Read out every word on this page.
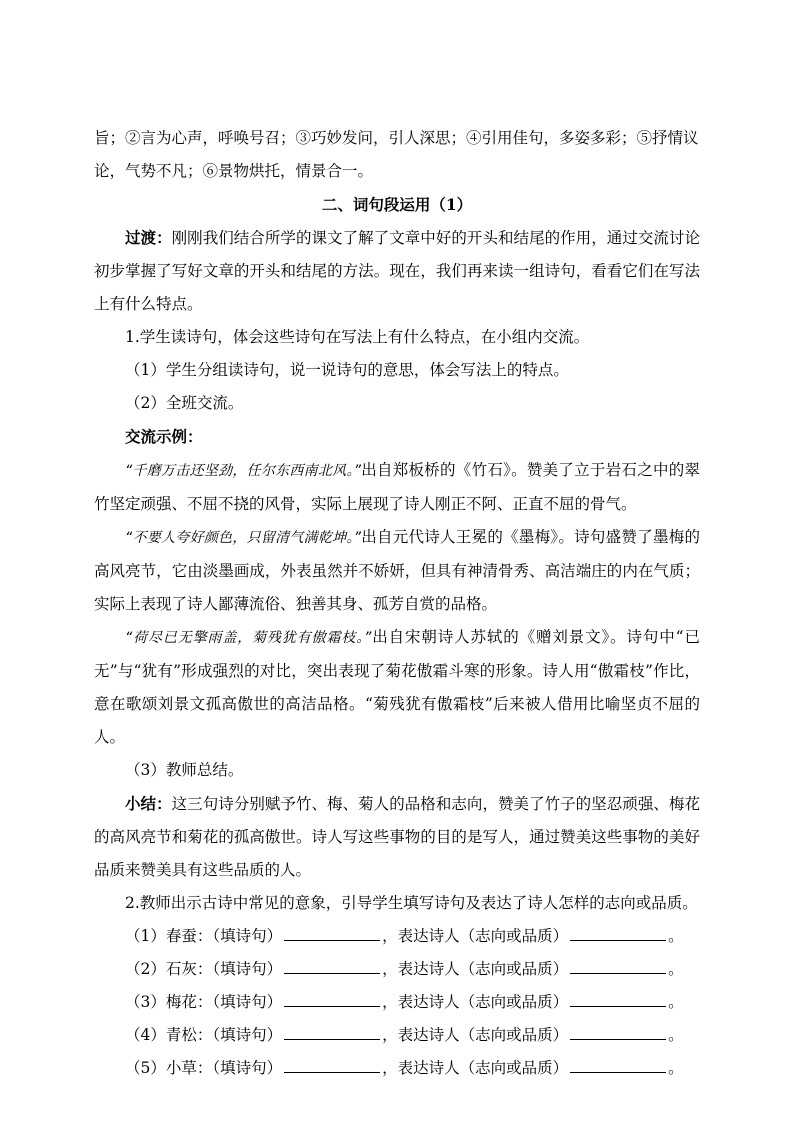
旨；②言为心声，呼唤号召；③巧妙发问，引人深思；④引用佳句，多姿多彩；⑤抒情议

论，气势不凡；⑥景物烘托，情景合一。

二、词句段运用（1）

过渡：刚刚我们结合所学的课文了解了文章中好的开头和结尾的作用，通过交流讨论初步掌握了写好文章的开头和结尾的方法。现在，我们再来读一组诗句，看看它们在写法上有什么特点。

1.学生读诗句，体会这些诗句在写法上有什么特点，在小组内交流。

（1）学生分组读诗句，说一说诗句的意思，体会写法上的特点。

（2）全班交流。

交流示例：

“千磨万击还坚劲，任尔东西南北风。”出自郑板桥的《竹石》。赞美了立于岩石之中的翠竹坚定顽强、不屈不挠的风骨，实际上展现了诗人刚正不阿、正直不屈的骨气。

“不要人夸好颜色，只留清气满乾坤。”出自元代诗人王冕的《墨梅》。诗句盛赞了墨梅的高风亮节，它由淡墨画成，外表虽然并不娇妍，但具有神清骨秀、高洁端庄的内在气质；实际上表现了诗人鄙薄流俗、独善其身、孤芳自赏的品格。

“荷尽已无擎雨盖，菊残犹有傲霜枝。”出自宋朝诗人苏轼的《赠刘景文》。诗句中“已无”与“犹有”形成强烈的对比，突出表现了菊花傲霜斗寒的形象。诗人用“傲霜枝”作比，意在歌颂刘景文孤高傲世的高洁品格。“菊残犹有傲霜枝”后来被人借用比喻坚贞不屈的人。

（3）教师总结。

小结：这三句诗分别赋予竹、梅、菊人的品格和志向，赞美了竹子的坚忍顽强、梅花的高风亮节和菊花的孤高傲世。诗人写这些事物的目的是写人，通过赞美这些事物的美好品质来赞美具有这些品质的人。

2.教师出示古诗中常见的意象，引导学生填写诗句及表达了诗人怎样的志向或品质。

（1）春蚕：（填诗句）	，表达诗人（志向或品质）	。

（2）石灰：（填诗句）	，表达诗人（志向或品质）	。

（3）梅花：（填诗句）	，表达诗人（志向或品质）	。

（4）青松：（填诗句）	，表达诗人（志向或品质）	。

（5）小草：（填诗句）	，表达诗人（志向或品质）	。
